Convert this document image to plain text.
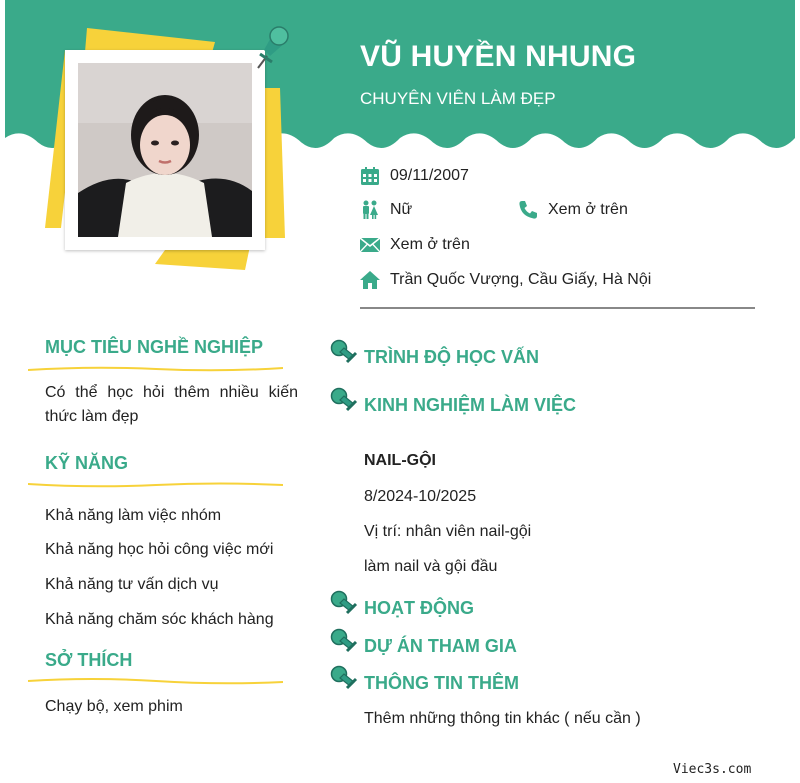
VŨ HUYỀN NHUNG
CHUYÊN VIÊN LÀM ĐẸP
09/11/2007
Nữ	Xem ở trên
Xem ở trên
Trần Quốc Vượng, Cầu Giấy, Hà Nội
MỤC TIÊU NGHỀ NGHIỆP
Có thể học hỏi thêm nhiều kiến thức làm đẹp
KỸ NĂNG
Khả năng làm việc nhóm
Khả năng học hỏi công việc mới
Khả năng tư vấn dịch vụ
Khả năng chăm sóc khách hàng
SỞ THÍCH
Chạy bộ, xem phim
TRÌNH ĐỘ HỌC VẤN
KINH NGHIỆM LÀM VIỆC
NAIL-GỘI
8/2024-10/2025
Vị trí: nhân viên nail-gội
làm nail và gội đầu
HOẠT ĐỘNG
DỰ ÁN THAM GIA
THÔNG TIN THÊM
Thêm những thông tin khác ( nếu cần )
Viec3s.com
